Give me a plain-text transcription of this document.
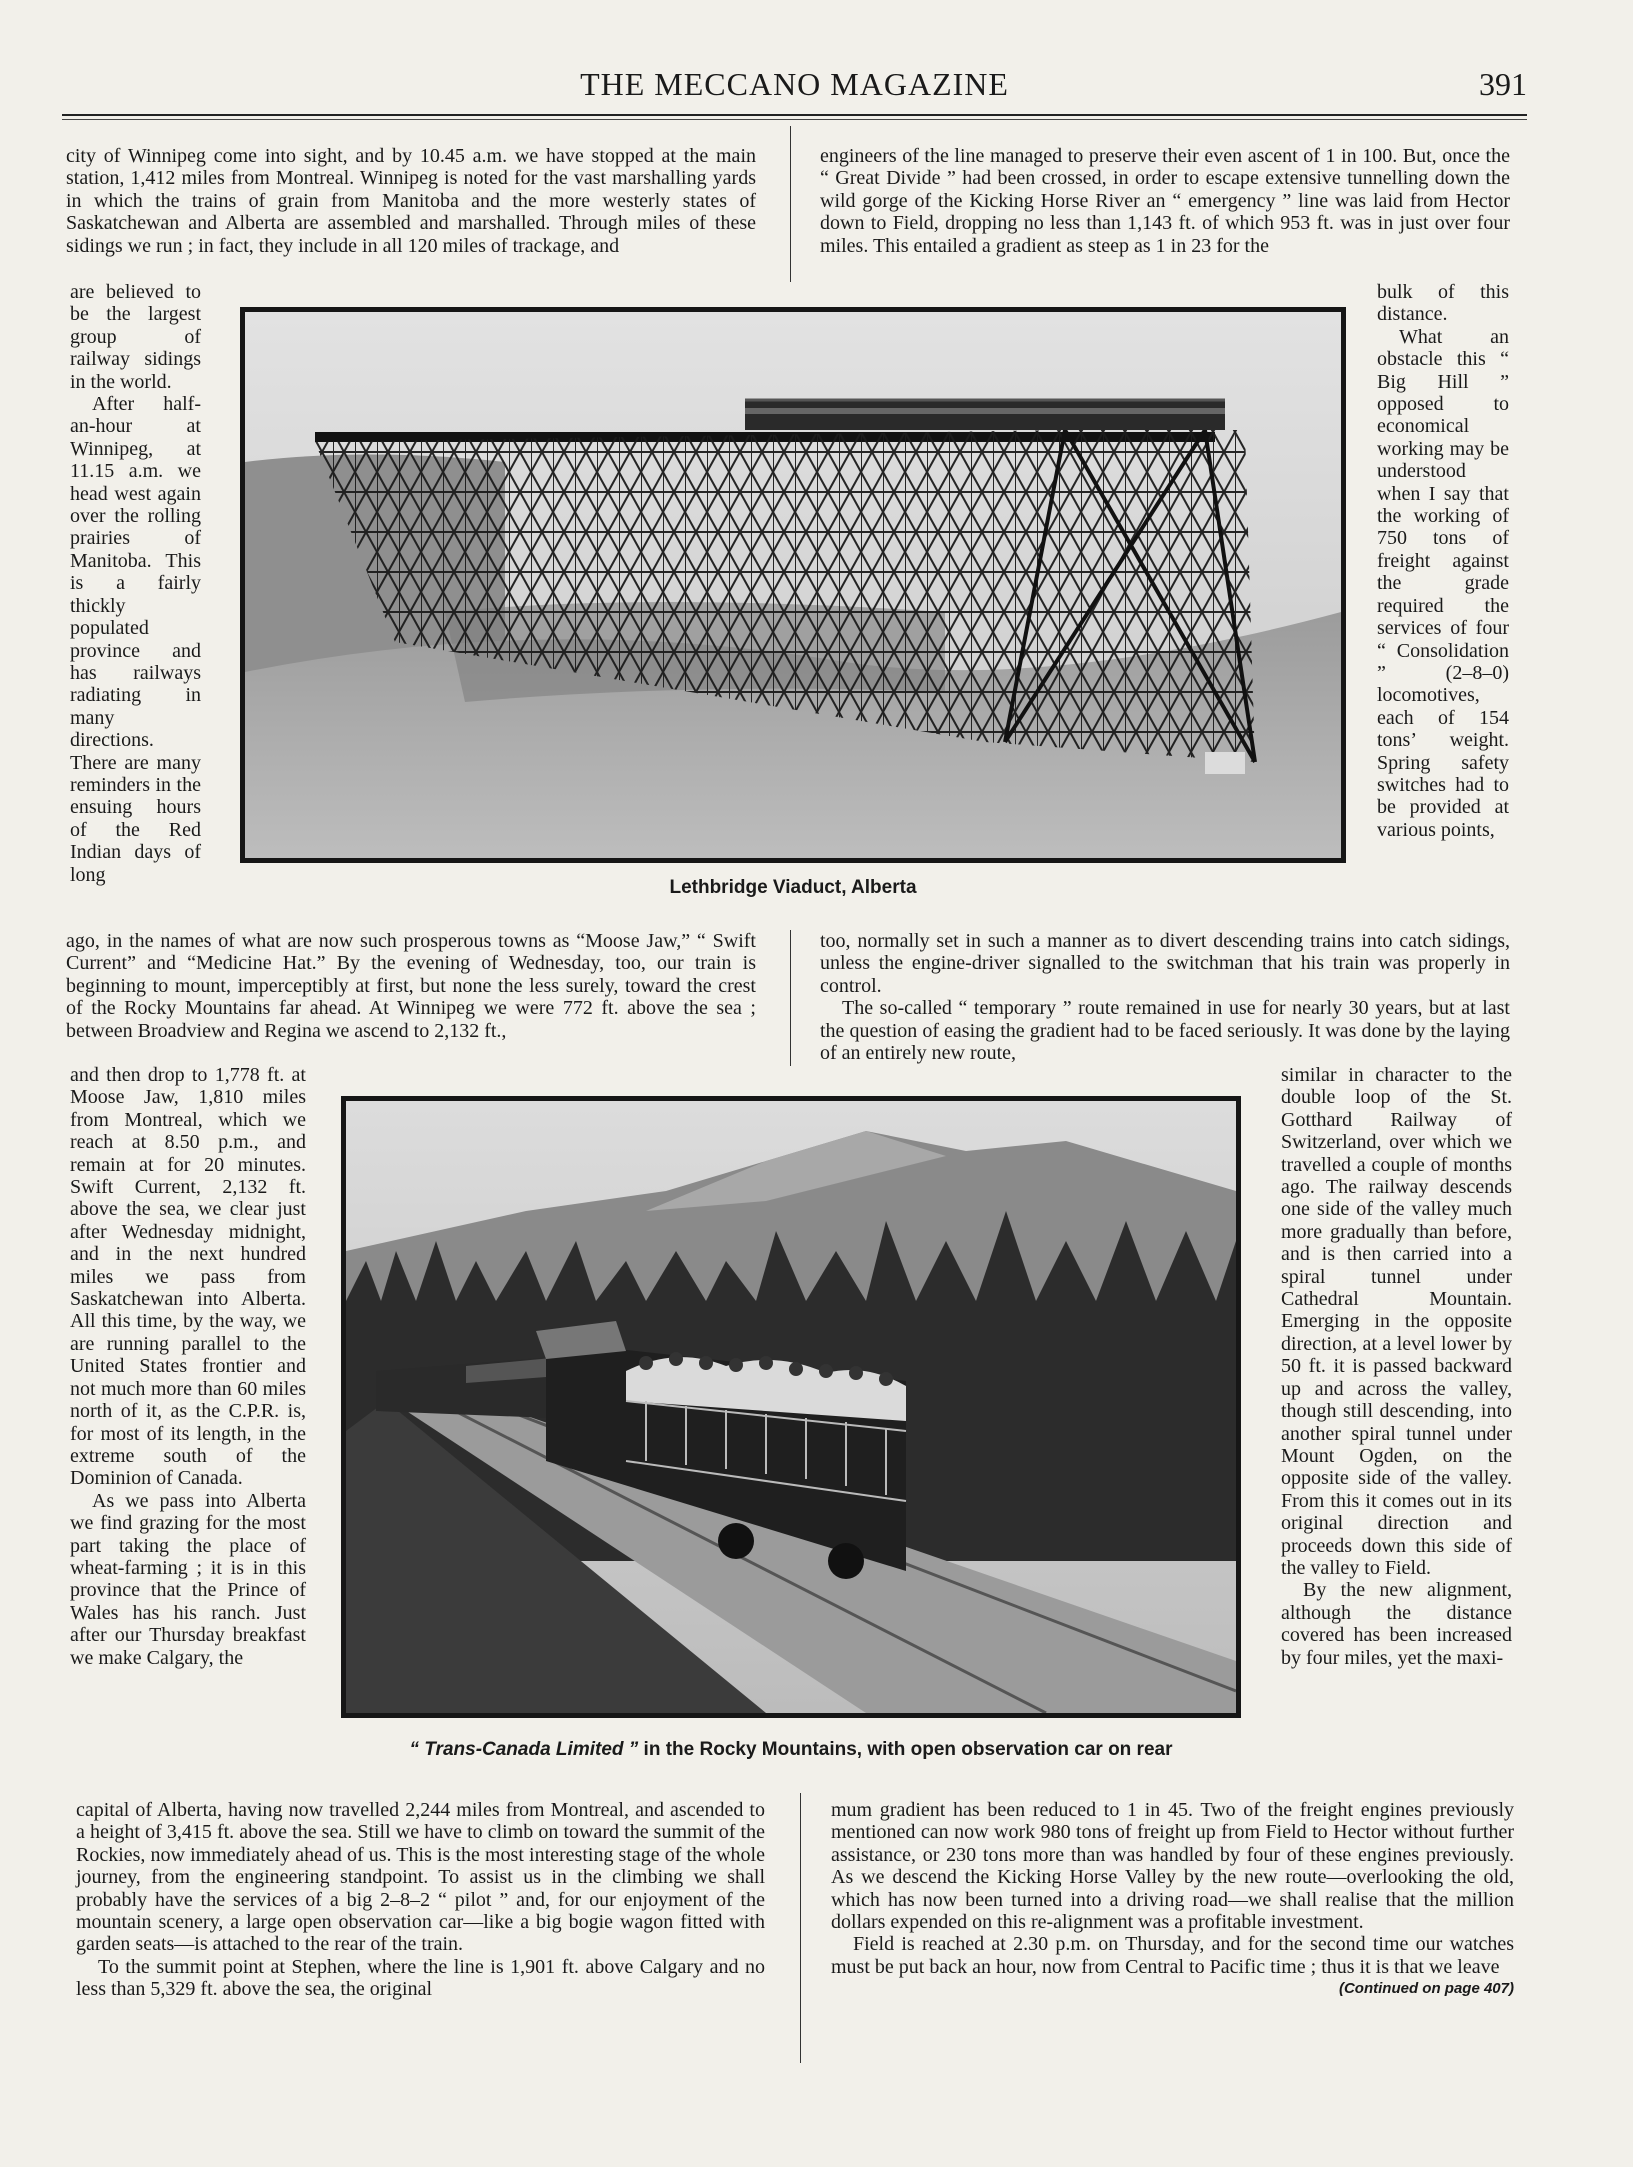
THE MECCANO MAGAZINE	391

city of Winnipeg come into sight, and by 10.45 a.m. we have stopped at the main station, 1,412 miles from Montreal. Winnipeg is noted for the vast marshalling yards in which the trains of grain from Manitoba and the more westerly states of Saskatchewan and Alberta are assembled and marshalled. Through miles of these sidings we run ; in fact, they include in all 120 miles of trackage, and

engineers of the line managed to preserve their even ascent of 1 in 100. But, once the “ Great Divide ” had been crossed, in order to escape extensive tunnelling down the wild gorge of the Kicking Horse River an “ emergency ” line was laid from Hector down to Field, dropping no less than 1,143 ft. of which 953 ft. was in just over four miles. This entailed a gradient as steep as 1 in 23 for the

are believed to be the largest group of railway sidings in the world.

After half-an-hour at Winnipeg, at 11.15 a.m. we head west again over the rolling prairies of Manitoba. This is a fairly thickly populated province and has railways radiating in many directions. There are many reminders in the ensuing hours of the Red Indian days of long

bulk of this distance.

What an obstacle this “ Big Hill ” opposed to economical working may be understood when I say that the working of 750 tons of freight against the grade required the services of four “ Consolidation ” (2–8–0) locomotives, each of 154 tons’ weight. Spring safety switches had to be provided at various points,

Lethbridge Viaduct, Alberta

ago, in the names of what are now such prosperous towns as “Moose Jaw,” “ Swift Current” and “Medicine Hat.” By the evening of Wednesday, too, our train is beginning to mount, imperceptibly at first, but none the less surely, toward the crest of the Rocky Mountains far ahead. At Winnipeg we were 772 ft. above the sea ; between Broadview and Regina we ascend to 2,132 ft.,

too, normally set in such a manner as to divert descending trains into catch sidings, unless the engine-driver signalled to the switchman that his train was properly in control.

The so-called “ temporary ” route remained in use for nearly 30 years, but at last the question of easing the gradient had to be faced seriously. It was done by the laying of an entirely new route,

and then drop to 1,778 ft. at Moose Jaw, 1,810 miles from Montreal, which we reach at 8.50 p.m., and remain at for 20 minutes. Swift Current, 2,132 ft. above the sea, we clear just after Wednesday midnight, and in the next hundred miles we pass from Saskatchewan into Alberta. All this time, by the way, we are running parallel to the United States frontier and not much more than 60 miles north of it, as the C.P.R. is, for most of its length, in the extreme south of the Dominion of Canada.

As we pass into Alberta we find grazing for the most part taking the place of wheat-farming ; it is in this province that the Prince of Wales has his ranch. Just after our Thursday breakfast we make Calgary, the

similar in character to the double loop of the St. Gotthard Railway of Switzerland, over which we travelled a couple of months ago. The railway descends one side of the valley much more gradually than before, and is then carried into a spiral tunnel under Cathedral Mountain. Emerging in the opposite direction, at a level lower by 50 ft. it is passed backward up and across the valley, though still descending, into another spiral tunnel under Mount Ogden, on the opposite side of the valley. From this it comes out in its original direction and proceeds down this side of the valley to Field.

By the new alignment, although the distance covered has been increased by four miles, yet the maxi-

“ Trans-Canada Limited ” in the Rocky Mountains, with open observation car on rear

capital of Alberta, having now travelled 2,244 miles from Montreal, and ascended to a height of 3,415 ft. above the sea. Still we have to climb on toward the summit of the Rockies, now immediately ahead of us. This is the most interesting stage of the whole journey, from the engineering standpoint. To assist us in the climbing we shall probably have the services of a big 2–8–2 “ pilot ” and, for our enjoyment of the mountain scenery, a large open observation car—like a big bogie wagon fitted with garden seats—is attached to the rear of the train.

To the summit point at Stephen, where the line is 1,901 ft. above Calgary and no less than 5,329 ft. above the sea, the original

mum gradient has been reduced to 1 in 45. Two of the freight engines previously mentioned can now work 980 tons of freight up from Field to Hector without further assistance, or 230 tons more than was handled by four of these engines previously. As we descend the Kicking Horse Valley by the new route—overlooking the old, which has now been turned into a driving road—we shall realise that the million dollars expended on this re-alignment was a profitable investment.

Field is reached at 2.30 p.m. on Thursday, and for the second time our watches must be put back an hour, now from Central to Pacific time ; thus it is that we leave
(Continued on page 407)
